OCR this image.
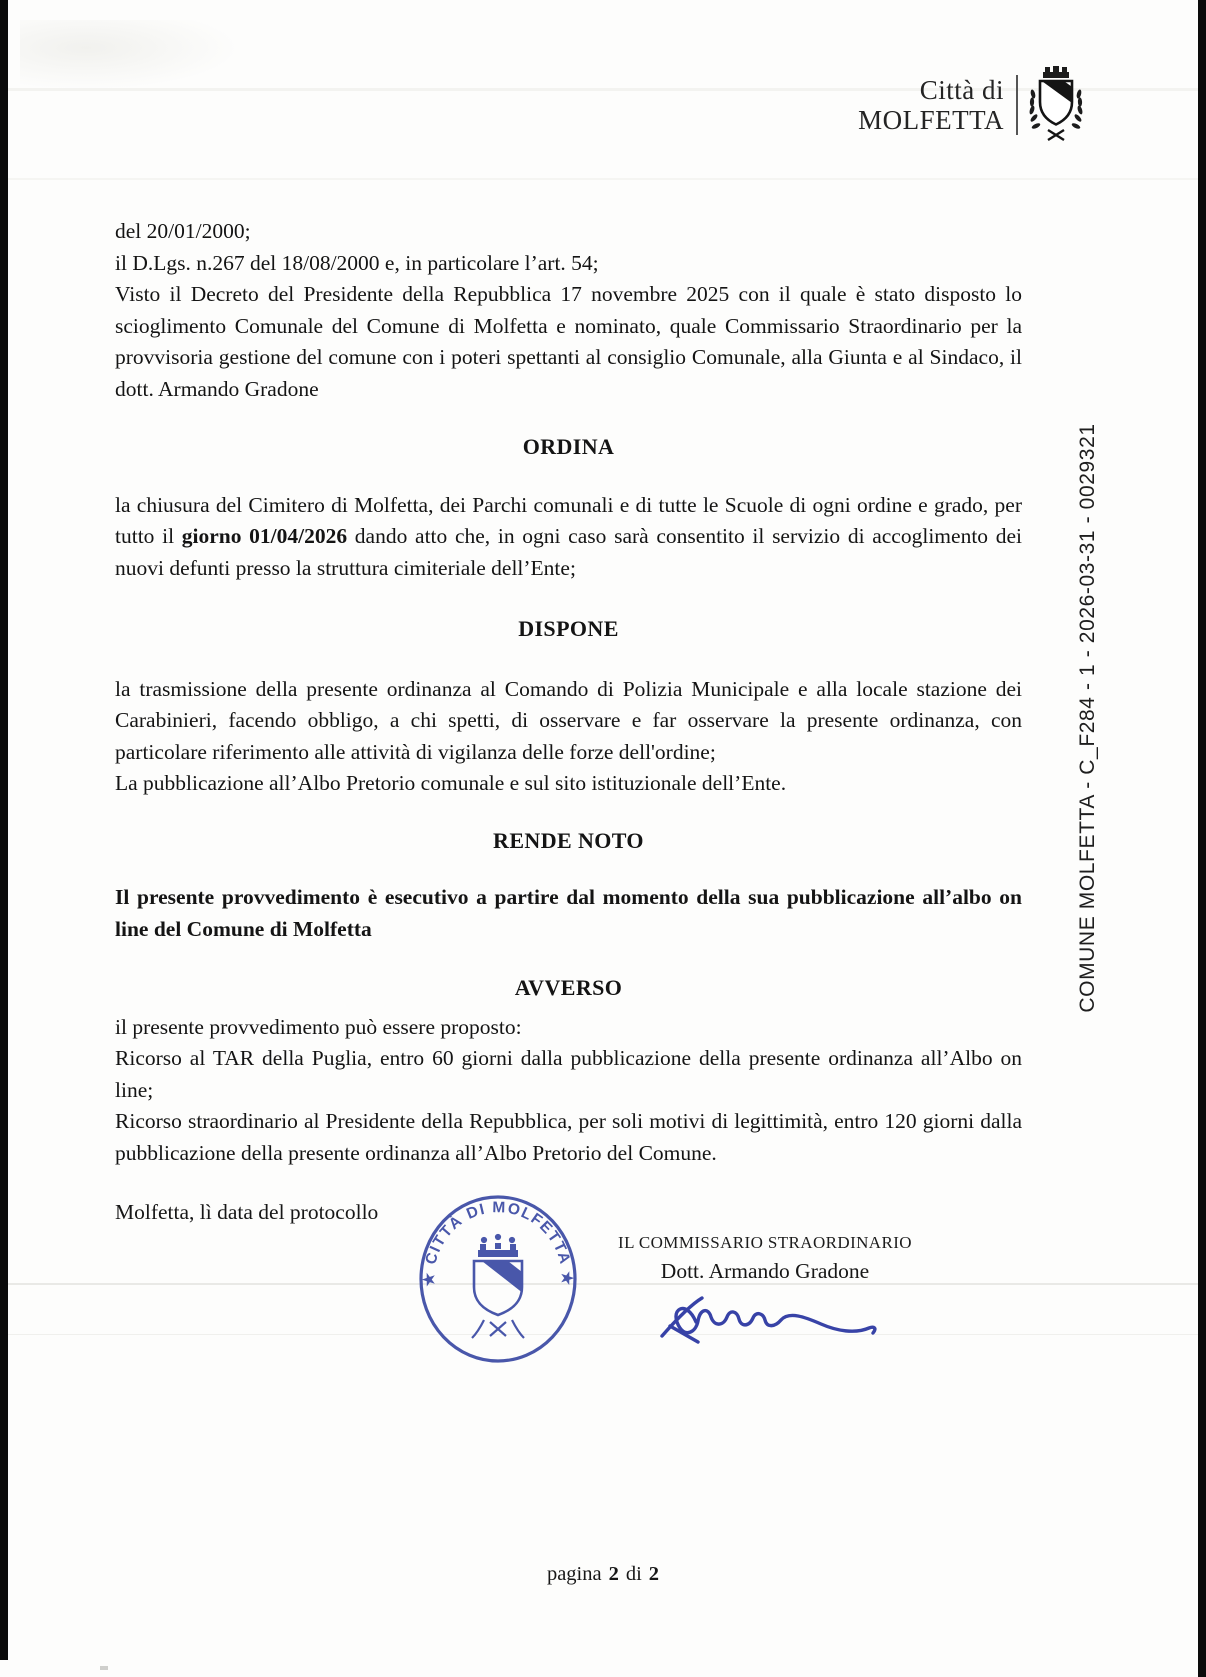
Città di
MOLFETTA
COMUNE MOLFETTA - C_F284 - 1 - 2026-03-31 - 0029321
del 20/01/2000;
il D.Lgs. n.267 del 18/08/2000 e, in particolare l’art. 54;
Visto il Decreto del Presidente della Repubblica 17 novembre 2025 con il quale è stato disposto lo scioglimento Comunale del Comune di Molfetta e nominato, quale Commissario Straordinario per la provvisoria gestione del comune con i poteri spettanti al consiglio Comunale, alla Giunta e al Sindaco, il dott. Armando Gradone
ORDINA
la chiusura del Cimitero di Molfetta, dei Parchi comunali e di tutte le Scuole di ogni ordine e grado, per tutto il giorno 01/04/2026 dando atto che, in ogni caso sarà consentito il servizio di accoglimento dei nuovi defunti presso la struttura cimiteriale dell’Ente;
DISPONE
la trasmissione della presente ordinanza al Comando di Polizia Municipale e alla locale stazione dei Carabinieri, facendo obbligo, a chi spetti, di osservare e far osservare la presente ordinanza, con particolare riferimento alle attività di vigilanza delle forze dell'ordine;
La pubblicazione all’Albo Pretorio comunale e sul sito istituzionale dell’Ente.
RENDE NOTO
Il presente provvedimento è esecutivo a partire dal momento della sua pubblicazione all’albo on line del Comune di Molfetta
AVVERSO
il presente provvedimento può essere proposto:
Ricorso al TAR della Puglia, entro 60 giorni dalla pubblicazione della presente ordinanza all’Albo on line;
Ricorso straordinario al Presidente della Repubblica, per soli motivi di legittimità, entro 120 giorni dalla pubblicazione della presente ordinanza all’Albo Pretorio del Comune.
Molfetta, lì data del protocollo
IL COMMISSARIO STRAORDINARIO
Dott. Armando Gradone
★ CITTÀ DI MOLFETTA ★
pagina 2 di 2
